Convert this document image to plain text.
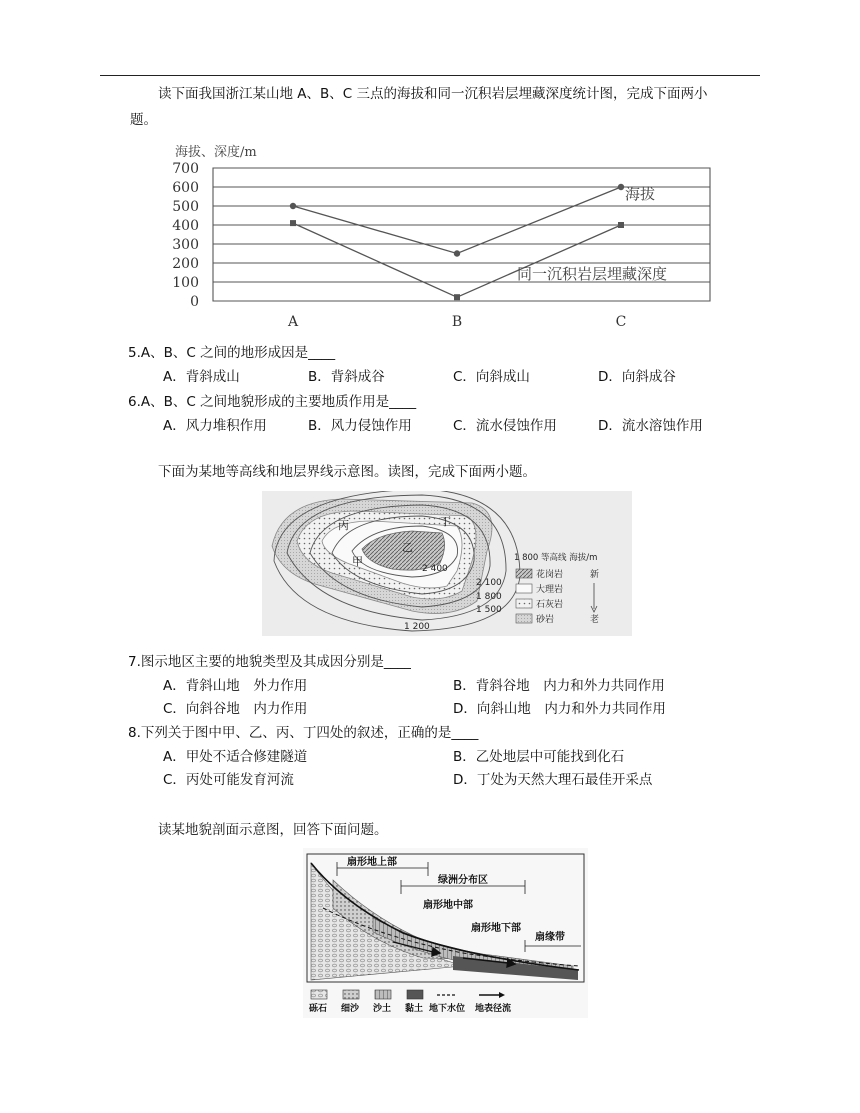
读下面我国浙江某山地 A、B、C 三点的海拔和同一沉积岩层埋藏深度统计图，完成下面两小
题。
海拔、深度/m
700
600
500
400
300
200
100
0
A	B	C
海拔
同一沉积岩层埋藏深度
5.A、B、C 之间的地形成因是____
A．背斜成山	B．背斜成谷	C．向斜成山	D．向斜成谷
6.A、B、C 之间地貌形成的主要地质作用是____
A．风力堆积作用	B．风力侵蚀作用	C．流水侵蚀作用	D．流水溶蚀作用
下面为某地等高线和地层界线示意图。读图，完成下面两小题。
丙	丁
乙
甲
2 400
2 100
1 800
1 500
1 200
1 800 等高线 海拔/m
花岗岩
大理岩
石灰岩
砂岩
新
老
7.图示地区主要的地貌类型及其成因分别是____
A．背斜山地　外力作用	B．背斜谷地　内力和外力共同作用
C．向斜谷地　内力作用	D．向斜山地　内力和外力共同作用
8.下列关于图中甲、乙、丙、丁四处的叙述，正确的是____
A．甲处不适合修建隧道	B．乙处地层中可能找到化石
C．丙处可能发育河流	D．丁处为天然大理石最佳开采点
读某地貌剖面示意图，回答下面问题。
扇形地上部
绿洲分布区
扇形地中部
扇形地下部
扇缘带
砾石 细沙 沙土 黏土 地下水位 地表径流
